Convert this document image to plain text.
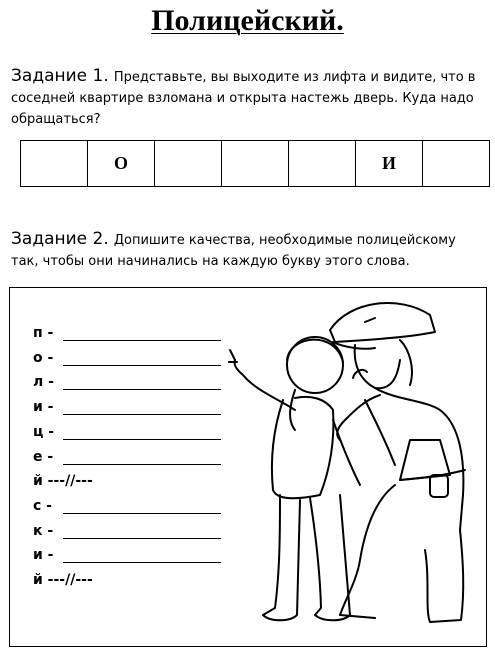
Полицейский.
Задание 1. Представьте, вы выходите из лифта и видите, что в соседней квартире взломана и открыта настежь дверь. Куда надо обращаться?
	О				И	
Задание 2. Допишите качества, необходимые полицейскому так, чтобы они начинались на каждую букву этого слова.
п -
о -
л -
и -
ц -
е -
й ---//---
с -
к -
и -
й ---//---
